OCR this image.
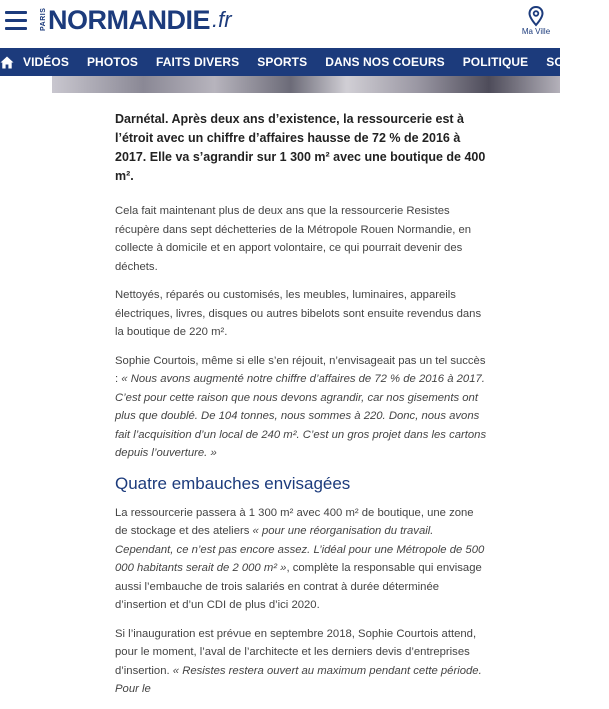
PARIS NORMANDIE .fr	Ma Ville
VIDÉOS	PHOTOS	FAITS DIVERS	SPORTS	DANS NOS COEURS	POLITIQUE	SOCIÉTÉ

Darnétal. Après deux ans d’existence, la ressourcerie est à l’étroit avec un chiffre d’affaires hausse de 72 % de 2016 à 2017. Elle va s’agrandir sur 1 300 m² avec une boutique de 400 m².

Cela fait maintenant plus de deux ans que la ressourcerie Resistes récupère dans sept déchetteries de la Métropole Rouen Normandie, en collecte à domicile et en apport volontaire, ce qui pourrait devenir des déchets.

Nettoyés, réparés ou customisés, les meubles, luminaires, appareils électriques, livres, disques ou autres bibelots sont ensuite revendus dans la boutique de 220 m².

Sophie Courtois, même si elle s’en réjouit, n’envisageait pas un tel succès : « Nous avons augmenté notre chiffre d’affaires de 72 % de 2016 à 2017. C’est pour cette raison que nous devons agrandir, car nos gisements ont plus que doublé. De 104 tonnes, nous sommes à 220. Donc, nous avons fait l’acquisition d’un local de 240 m². C’est un gros projet dans les cartons depuis l’ouverture. »

Quatre embauches envisagées

La ressourcerie passera à 1 300 m² avec 400 m² de boutique, une zone de stockage et des ateliers « pour une réorganisation du travail. Cependant, ce n’est pas encore assez. L’idéal pour une Métropole de 500 000 habitants serait de 2 000 m² », complète la responsable qui envisage aussi l’embauche de trois salariés en contrat à durée déterminée d’insertion et d’un CDI de plus d’ici 2020.

Si l’inauguration est prévue en septembre 2018, Sophie Courtois attend, pour le moment, l’aval de l’architecte et les derniers devis d’entreprises d’insertion. « Resistes restera ouvert au maximum pendant cette période. Pour le
